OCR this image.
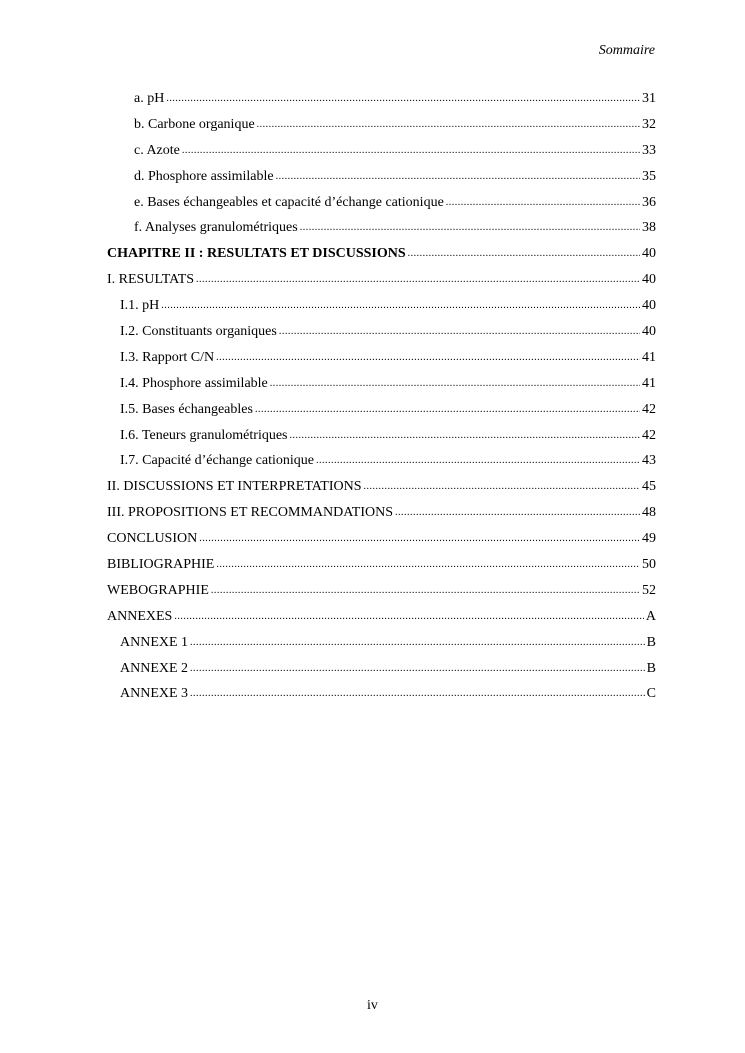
Sommaire
a. pH .....	31
b. Carbone organique .....	32
c. Azote .....	33
d. Phosphore assimilable .....	35
e. Bases échangeables et capacité d’échange cationique .....	36
f. Analyses granulométriques .....	38
CHAPITRE II : RESULTATS ET DISCUSSIONS .....	40
I. RESULTATS .....	40
I.1. pH .....	40
I.2. Constituants organiques .....	40
I.3. Rapport C/N .....	41
I.4. Phosphore assimilable .....	41
I.5. Bases échangeables .....	42
I.6. Teneurs granulométriques .....	42
I.7. Capacité d’échange cationique .....	43
II. DISCUSSIONS ET INTERPRETATIONS .....	45
III. PROPOSITIONS ET RECOMMANDATIONS .....	48
CONCLUSION .....	49
BIBLIOGRAPHIE .....	50
WEBOGRAPHIE .....	52
ANNEXES .....	A
ANNEXE 1 .....	B
ANNEXE 2 .....	B
ANNEXE 3 .....	C
iv
